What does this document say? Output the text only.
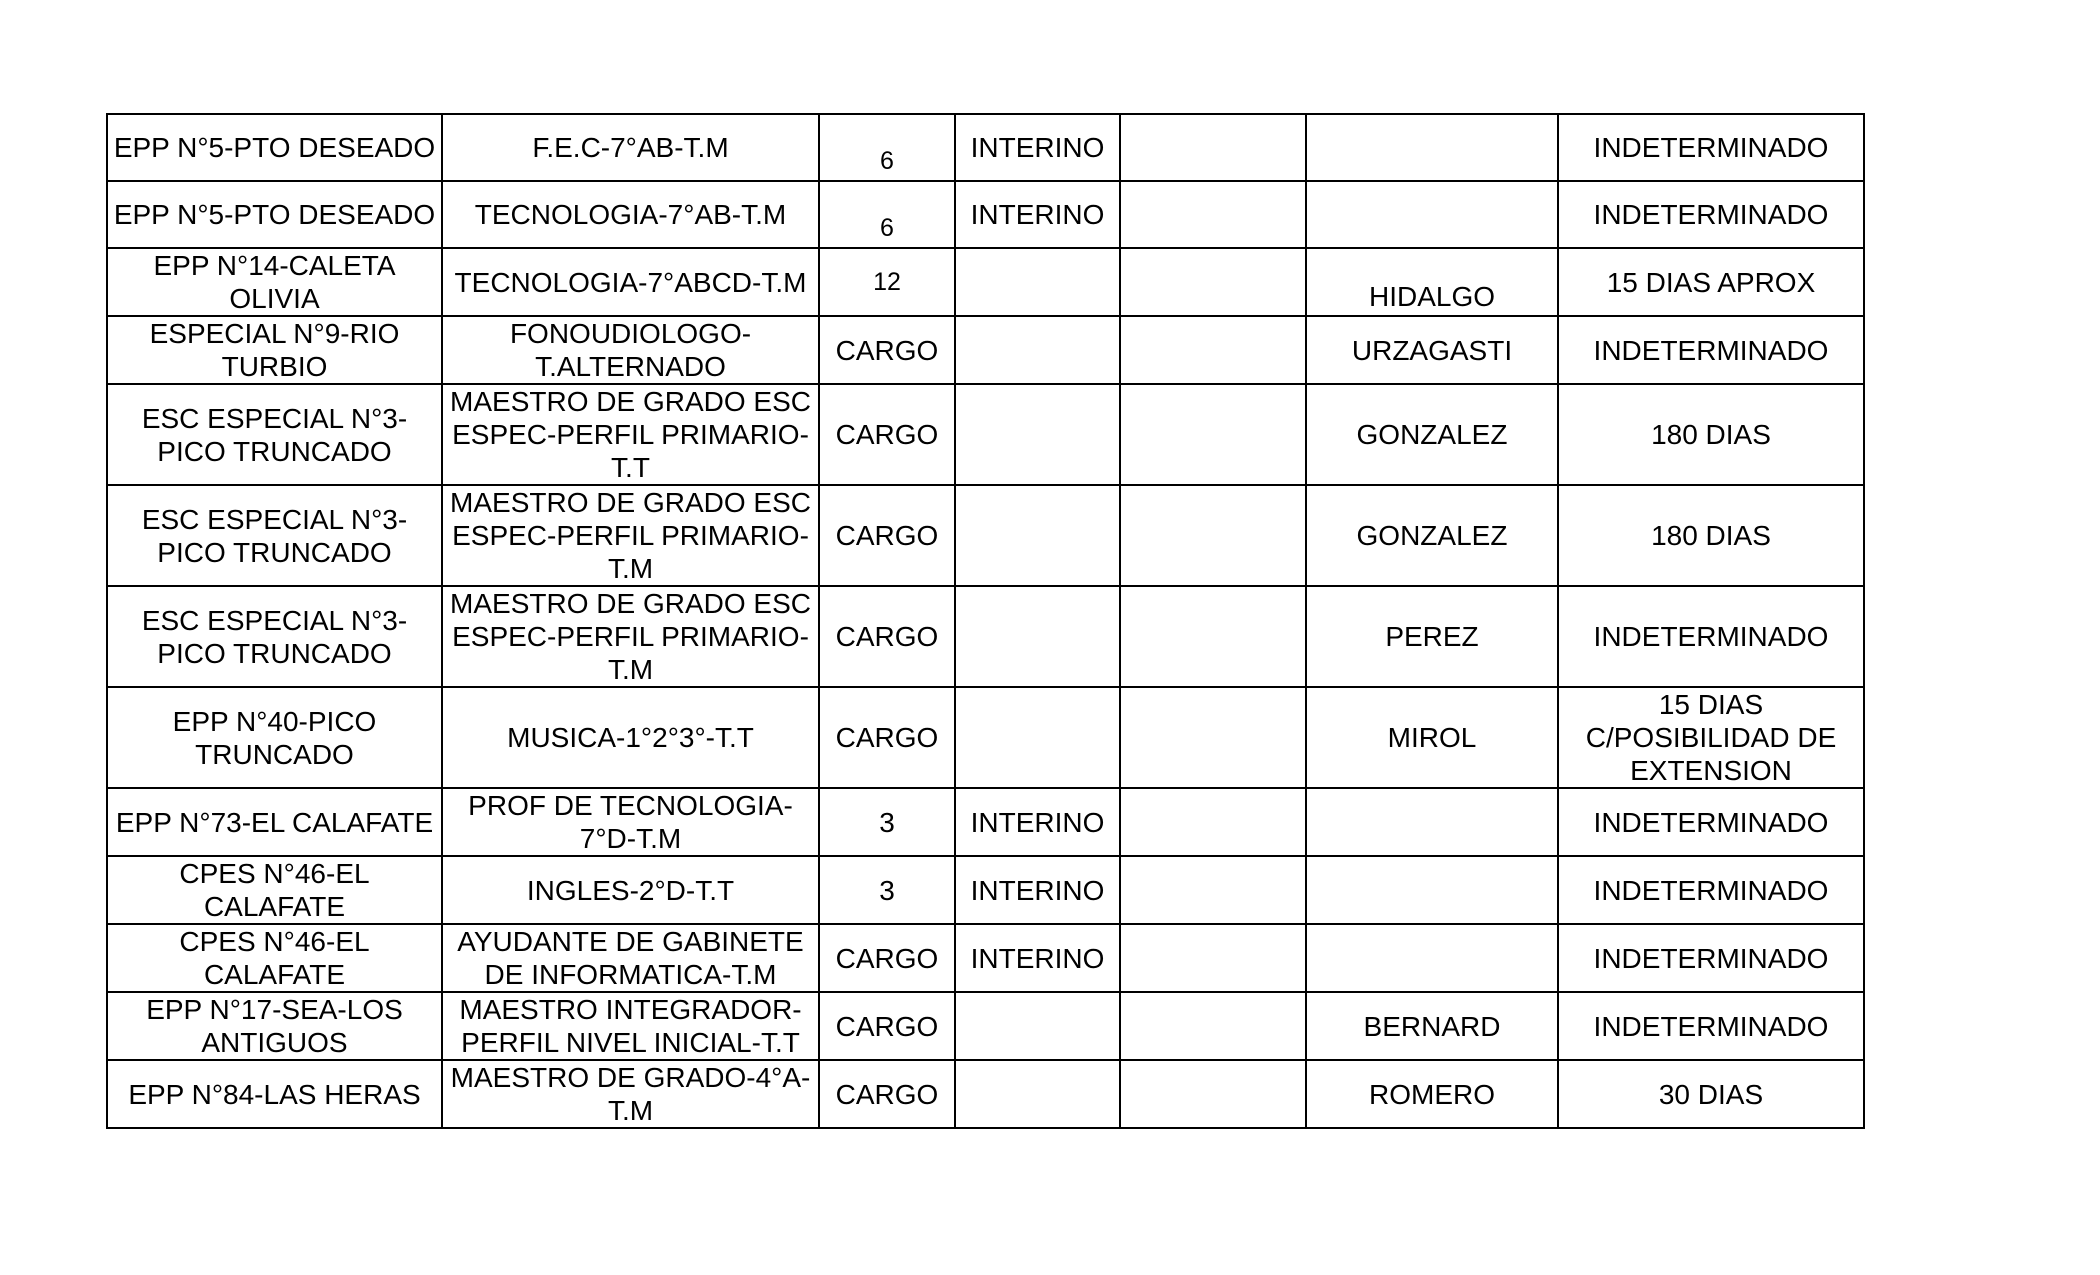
EPP N°5-PTO DESEADO	F.E.C-7°AB-T.M	6	INTERINO			INDETERMINADO
EPP N°5-PTO DESEADO	TECNOLOGIA-7°AB-T.M	6	INTERINO			INDETERMINADO
EPP N°14-CALETA OLIVIA	TECNOLOGIA-7°ABCD-T.M	12			HIDALGO	15 DIAS APROX
ESPECIAL N°9-RIO TURBIO	FONOUDIOLOGO-T.ALTERNADO	CARGO			URZAGASTI	INDETERMINADO
ESC ESPECIAL N°3-PICO TRUNCADO	MAESTRO DE GRADO ESC ESPEC-PERFIL PRIMARIO-T.T	CARGO			GONZALEZ	180 DIAS
ESC ESPECIAL N°3-PICO TRUNCADO	MAESTRO DE GRADO ESC ESPEC-PERFIL PRIMARIO-T.M	CARGO			GONZALEZ	180 DIAS
ESC ESPECIAL N°3-PICO TRUNCADO	MAESTRO DE GRADO ESC ESPEC-PERFIL PRIMARIO-T.M	CARGO			PEREZ	INDETERMINADO
EPP N°40-PICO TRUNCADO	MUSICA-1°2°3°-T.T	CARGO			MIROL	15 DIAS C/POSIBILIDAD DE EXTENSION
EPP N°73-EL CALAFATE	PROF DE TECNOLOGIA-7°D-T.M	3	INTERINO			INDETERMINADO
CPES N°46-EL CALAFATE	INGLES-2°D-T.T	3	INTERINO			INDETERMINADO
CPES N°46-EL CALAFATE	AYUDANTE DE GABINETE DE INFORMATICA-T.M	CARGO	INTERINO			INDETERMINADO
EPP N°17-SEA-LOS ANTIGUOS	MAESTRO INTEGRADOR-PERFIL NIVEL INICIAL-T.T	CARGO			BERNARD	INDETERMINADO
EPP N°84-LAS HERAS	MAESTRO DE GRADO-4°A-T.M	CARGO			ROMERO	30 DIAS
